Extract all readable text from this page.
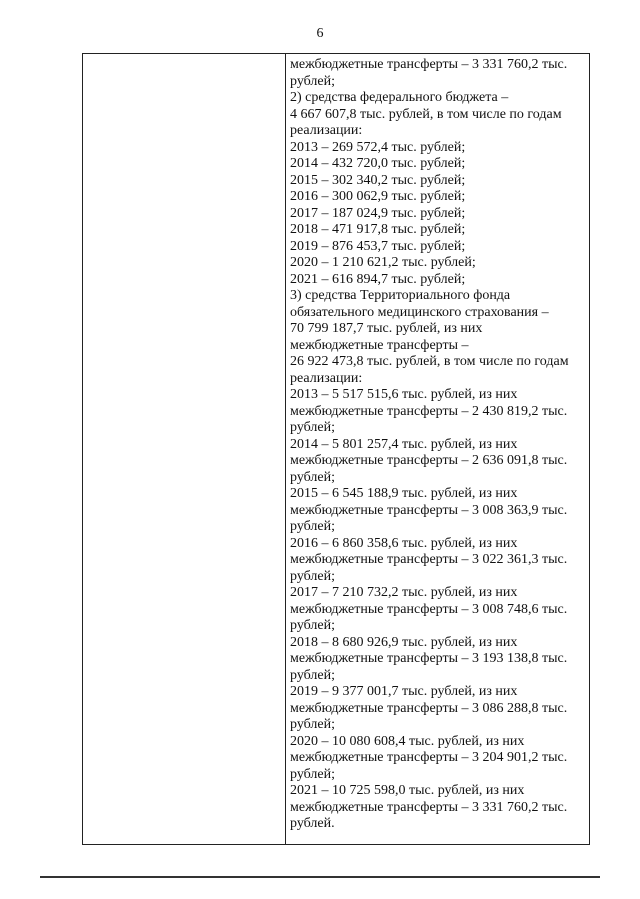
6
межбюджетные трансферты – 3 331 760,2 тыс.
рублей;
2) средства федерального бюджета –
4 667 607,8 тыс. рублей, в том числе по годам
реализации:
2013 – 269 572,4 тыс. рублей;
2014 – 432 720,0 тыс. рублей;
2015 – 302 340,2 тыс. рублей;
2016 – 300 062,9 тыс. рублей;
2017 – 187 024,9 тыс. рублей;
2018 – 471 917,8 тыс. рублей;
2019 – 876 453,7 тыс. рублей;
2020 – 1 210 621,2 тыс. рублей;
2021 – 616 894,7 тыс. рублей;
3) средства Территориального фонда
обязательного медицинского страхования –
70 799 187,7 тыс. рублей, из них
межбюджетные трансферты –
26 922 473,8 тыс. рублей, в том числе по годам
реализации:
2013 – 5 517 515,6 тыс. рублей, из них
межбюджетные трансферты – 2 430 819,2 тыс.
рублей;
2014 – 5 801 257,4 тыс. рублей, из них
межбюджетные трансферты – 2 636 091,8 тыс.
рублей;
2015 – 6 545 188,9 тыс. рублей, из них
межбюджетные трансферты – 3 008 363,9 тыс.
рублей;
2016 – 6 860 358,6 тыс. рублей, из них
межбюджетные трансферты – 3 022 361,3 тыс.
рублей;
2017 – 7 210 732,2 тыс. рублей, из них
межбюджетные трансферты – 3 008 748,6 тыс.
рублей;
2018 – 8 680 926,9 тыс. рублей, из них
межбюджетные трансферты – 3 193 138,8 тыс.
рублей;
2019 – 9 377 001,7 тыс. рублей, из них
межбюджетные трансферты – 3 086 288,8 тыс.
рублей;
2020 – 10 080 608,4 тыс. рублей, из них
межбюджетные трансферты – 3 204 901,2 тыс.
рублей;
2021 – 10 725 598,0 тыс. рублей, из них
межбюджетные трансферты – 3 331 760,2 тыс.
рублей.
